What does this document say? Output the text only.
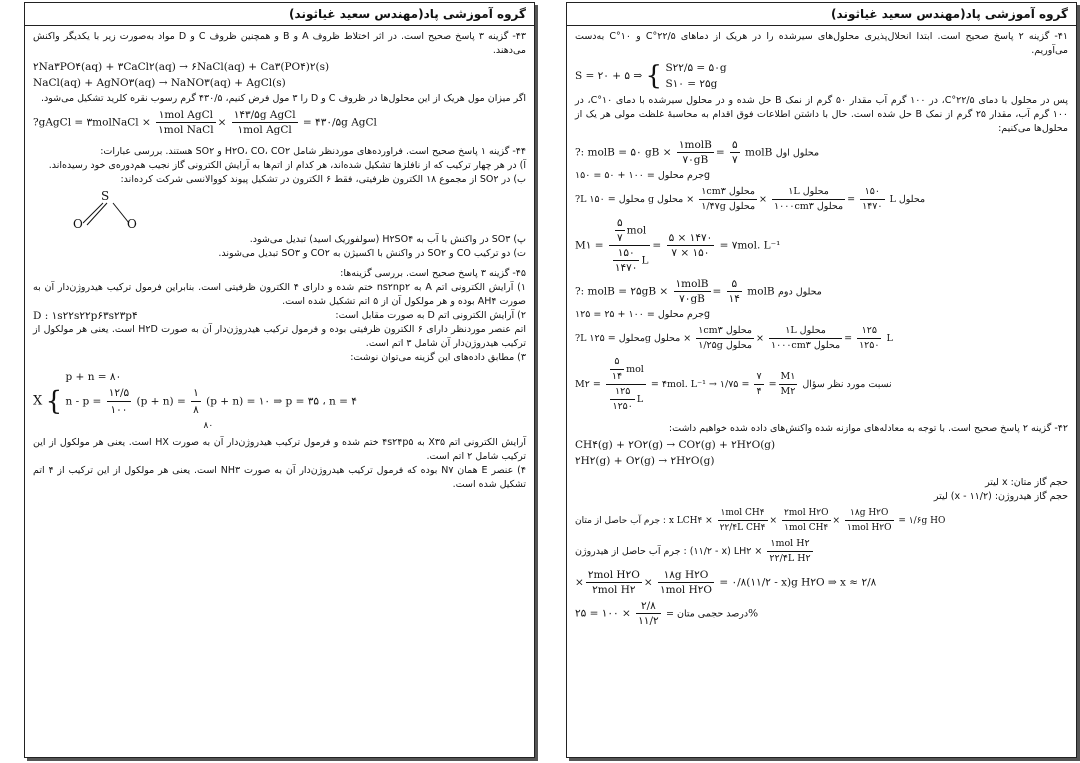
گروه آموزشی پاد(مهندس سعید غیاثوند)
۴۳- گزینه ۳ پاسخ صحیح است. در اثر اختلاط ظروف A و B و همچنین ظروف C و D مواد به‌صورت زیر با یکدیگر واکنش می‌دهند.
۲Na۳PO۴(aq) + ۳CaCl۲(aq) → ۶NaCl(aq) + Ca۳(PO۴)۲(s)
NaCl(aq) + AgNO۳(aq) → NaNO۳(aq) + AgCl(s)
اگر میزان مول هریک از این محلول‌ها در ظروف C و D را ۳ مول فرض کنیم، ۴۳۰/۵ گرم رسوب نقره کلرید تشکیل می‌شود.
?gAgCl = ۳molNaCl ×
۱mol AgCl
۱mol NaCl
×
۱۴۳/۵g AgCl
۱mol AgCl
= ۴۳۰/۵g AgCl
۴۴- گزینه ۱ پاسخ صحیح است. فراورده‌های موردنظر شامل H۲O، CO، CO۲ و SO۲ هستند. بررسی عبارات:
آ) در هر چهار ترکیب که از نافلزها تشکیل شده‌اند، هر کدام از اتم‌ها به آرایش الکترونی گاز نجیب هم‌دوره‌ی خود رسیده‌اند.
ب) در SO۲ از مجموع ۱۸ الکترون ظرفیتی، فقط ۶ الکترون در تشکیل پیوند کووالانسی شرکت کرده‌اند:
S
O	O
پ) SO۳ در واکنش با آب به H۲SO۴ (سولفوریک اسید) تبدیل می‌شود.
ت) دو ترکیب CO و SO۲ در واکنش با اکسیژن به CO۲ و SO۳ تبدیل می‌شوند.
۴۵- گزینه ۳ پاسخ صحیح است. بررسی گزینه‌ها:
۱) آرایش الکترونی اتم A به ns۲np۲ ختم شده و دارای ۴ الکترون ظرفیتی است. بنابراین فرمول ترکیب هیدروژن‌دار آن به صورت AH۴ بوده و هر مولکول آن از ۵ اتم تشکیل شده است.
D : ۱s۲۲s۲۲p۶۳s۲۳p۴	۲) آرایش الکترونی اتم D به صورت مقابل است:
اتم عنصر موردنظر دارای ۶ الکترون ظرفیتی بوده و فرمول ترکیب هیدروژن‌دار آن به صورت H۲D است. یعنی هر مولکول از ترکیب هیدروژن‌دار آن شامل ۳ اتم است.
۳) مطابق داده‌های این گزینه می‌توان نوشت:
X {
p + n = ۸۰
n - p =
۱۲/۵
۱۰۰
(p + n) =
۱
۸
(p + n) = ۱۰
۸۰
⇒ p = ۳۵ ، n = ۴
آرایش الکترونی اتم X۳۵ به ۴s۲۴p۵ ختم شده و فرمول ترکیب هیدروژن‌دار آن به صورت HX است. یعنی هر مولکول از این ترکیب شامل ۲ اتم است.
۴) عنصر E همان N۷ بوده که فرمول ترکیب هیدروژن‌دار آن به صورت NH۳ است. یعنی هر مولکول از این ترکیب از ۴ اتم تشکیل شده است.
گروه آموزشی پاد(مهندس سعید غیاثوند)
۴۱- گزینه ۲ پاسخ صحیح است. ابتدا انحلال‌پذیری محلول‌های سیرشده را در هریک از دماهای ۲۲/۵°C و ۱۰°C به‌دست می‌آوریم.
S = ۲۰ + ۵ ⇒ { S۲۲/۵ = ۵۰g
S۱۰ = ۲۵g
پس در محلول با دمای ۲۲/۵°C، در ۱۰۰ گرم آب مقدار ۵۰ گرم از نمک B حل شده و در محلول سیرشده با دمای ۱۰°C، در ۱۰۰ گرم آب، مقدار ۲۵ گرم از نمک B حل شده است. حال با داشتن اطلاعات فوق اقدام به محاسبهٔ غلظت مولی هر یک از محلول‌ها می‌کنیم:
?: molB = ۵۰ gB ×
۱molB
۷۰gB
=
۵
۷
molB محلول اول
جرم محلول = ۱۰۰ + ۵۰ = ۱۵۰g
?L محلول = ۱۵۰ g محلول ×
۱cm۳ محلول
۱/۴۷g محلول
×
۱L محلول
۱۰۰۰cm۳ محلول
=
۱۵۰
۱۴۷۰
L محلول
M۱ =
۵
۷
mol
۱۵۰
۱۴۷۰
L
=
۵ × ۱۴۷۰
۷ × ۱۵۰
= ۷mol. L⁻¹
?: molB = ۲۵gB ×
۱molB
۷۰gB
=
۵
۱۴
molB محلول دوم
جرم محلول = ۱۰۰ + ۲۵ = ۱۲۵g
?L محلول = ۱۲۵g محلول ×
۱cm۳ محلول
۱/۲۵g محلول
×
۱L محلول
۱۰۰۰cm۳ محلول
=
۱۲۵
۱۲۵۰
L
M۲ =
۵
۱۴
mol
۱۲۵
۱۲۵۰
L
= ۴mol. L⁻¹ → نسبت مورد نظر سؤال
$\frac{M۱}{M۲}$
=
۷
۴
= ۱/۷۵
۴۲- گزینه ۲ پاسخ صحیح است. با توجه به معادله‌های موازنه شده واکنش‌های داده شده خواهیم داشت:
CH۴(g) + ۲O۲(g) → CO۲(g) + ۲H۲O(g)
۲H۲(g) + O۲(g) → ۲H۲O(g)
حجم گاز متان: x لیتر
حجم گاز هیدروژن: (۱۱/۲ - x) لیتر
جرم آب حاصل از متان : x LCH۴ ×
۱mol CH۴
۲۲/۴L CH۴
×
۲mol H۲O
۱mol CH۴
×
۱۸g H۲O
۱mol H۲O
= ۱/۶g HO
جرم آب حاصل از هیدروژن : (۱۱/۲ - x) LH۲ ×
۱mol H۲
۲۲/۴L H۲
×
۲mol H۲O
۲mol H۲
×
۱۸g H۲O
۱mol H۲O
= ۰/۸(۱۱/۲ - x)g H۲O ⇒ x ≈ ۲/۸
درصد حجمی متان =
۲/۸
۱۱/۲
× ۱۰۰ = ۲۵%
